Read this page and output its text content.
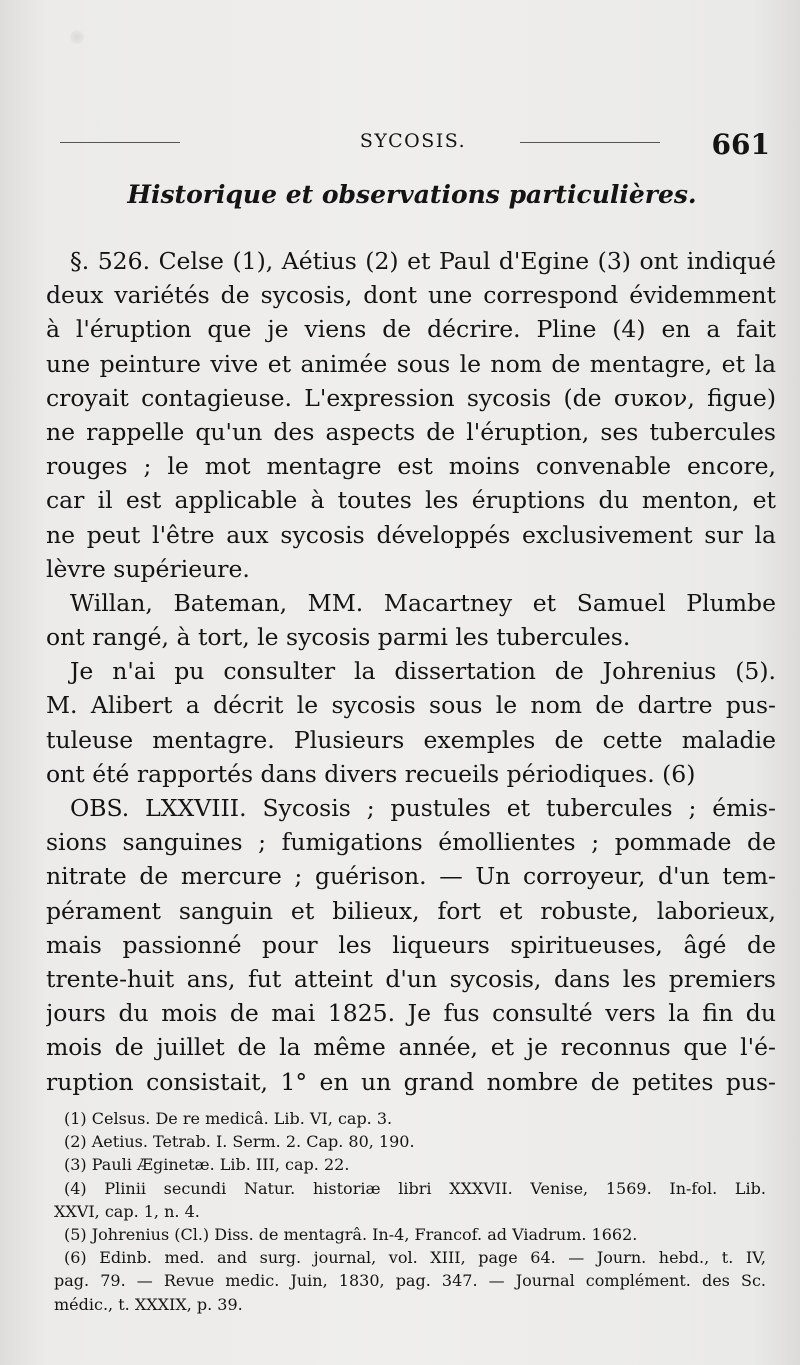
SYCOSIS.	661
Historique et observations particulières.
§. 526. Celse (1), Aétius (2) et Paul d'Egine (3) ont indiqué
deux variétés de sycosis, dont une correspond évidemment
à l'éruption que je viens de décrire. Pline (4) en a fait
une peinture vive et animée sous le nom de mentagre, et la
croyait contagieuse. L'expression sycosis (de συκον, figue)
ne rappelle qu'un des aspects de l'éruption, ses tubercules
rouges ; le mot mentagre est moins convenable encore,
car il est applicable à toutes les éruptions du menton, et
ne peut l'être aux sycosis développés exclusivement sur la
lèvre supérieure.
Willan, Bateman, MM. Macartney et Samuel Plumbe
ont rangé, à tort, le sycosis parmi les tubercules.
Je n'ai pu consulter la dissertation de Johrenius (5).
M. Alibert a décrit le sycosis sous le nom de dartre pus-
tuleuse mentagre. Plusieurs exemples de cette maladie
ont été rapportés dans divers recueils périodiques. (6)
OBS. LXXVIII. Sycosis ; pustules et tubercules ; émis-
sions sanguines ; fumigations émollientes ; pommade de
nitrate de mercure ; guérison. — Un corroyeur, d'un tem-
pérament sanguin et bilieux, fort et robuste, laborieux,
mais passionné pour les liqueurs spiritueuses, âgé de
trente-huit ans, fut atteint d'un sycosis, dans les premiers
jours du mois de mai 1825. Je fus consulté vers la fin du
mois de juillet de la même année, et je reconnus que l'é-
ruption consistait, 1° en un grand nombre de petites pus-
(1) Celsus. De re medicâ. Lib. VI, cap. 3.
(2) Aetius. Tetrab. I. Serm. 2. Cap. 80, 190.
(3) Pauli Æginetæ. Lib. III, cap. 22.
(4) Plinii secundi Natur. historiæ libri XXXVII. Venise, 1569. In-fol. Lib.
XXVI, cap. 1, n. 4.
(5) Johrenius (Cl.) Diss. de mentagrâ. In-4, Francof. ad Viadrum. 1662.
(6) Edinb. med. and surg. journal, vol. XIII, page 64. — Journ. hebd., t. IV,
pag. 79. — Revue medic. Juin, 1830, pag. 347. — Journal complément. des Sc.
médic., t. XXXIX, p. 39.
